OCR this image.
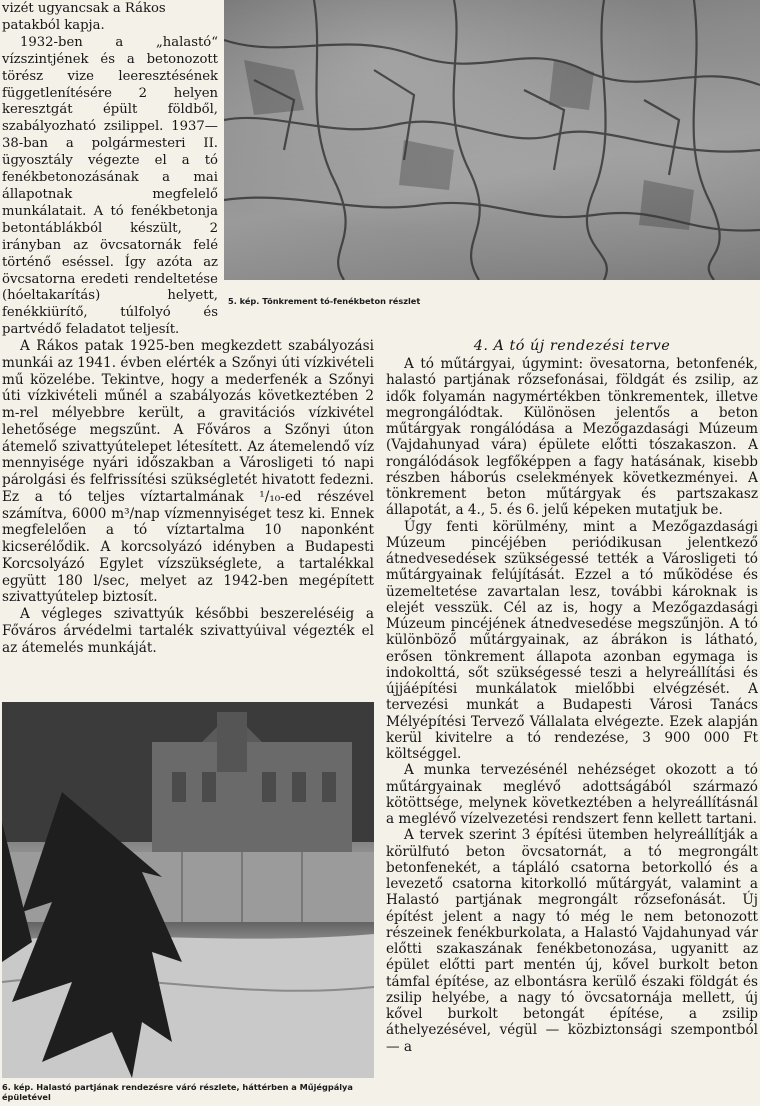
vizét ugyancsak a Rákos patakból kapja.

1932-ben a „halastó“ vízszintjének és a betonozott törész vize leeresztésének függetlenítésére 2 helyen keresztgát épült földből, szabályozható zsilippel. 1937—38-ban a polgármesteri II. ügyosztály végezte el a tó fenékbetonozásának a mai állapotnak megfelelő munkálatait. A tó fenékbetonja betontáblákból készült, 2 irányban az övcsatornák felé történő eséssel. Így azóta az övcsatorna eredeti rendeltetése (hóeltakarítás) helyett, fenékkiürítő, túlfolyó és partvédő feladatot teljesít.

5. kép. Tönkrement tó-fenékbeton részlet

A Rákos patak 1925-ben megkezdett szabályozási munkái az 1941. évben elérték a Szőnyi úti vízkivételi mű közelébe. Tekintve, hogy a mederfenék a Szőnyi úti vízkivételi műnél a szabályozás következtében 2 m-rel mélyebbre került, a gravitációs vízkivétel lehetősége megszűnt. A Főváros a Szőnyi úton átemelő szivattyútelepet létesített. Az átemelendő víz mennyisége nyári időszakban a Városligeti tó napi párolgási és felfrissítési szükségletét hivatott fedezni. Ez a tó teljes víztartalmának ¹/₁₀-ed részével számítva, 6000 m³/nap vízmennyiséget tesz ki. Ennek megfelelően a tó víztartalma 10 naponként kicserélődik. A korcsolyázó idényben a Budapesti Korcsolyázó Egylet vízszükséglete, a tartalékkal együtt 180 l/sec, melyet az 1942-ben megépített szivattyútelep biztosít.

A végleges szivattyúk későbbi beszereléséig a Főváros árvédelmi tartalék szivattyúival végezték el az átemelés munkáját.

6. kép. Halastó partjának rendezésre váró részlete, háttérben a Műjégpálya épületével
4. A tó új rendezési terve

A tó műtárgyai, úgymint: övesatorna, betonfenék, halastó partjának rőzsefonásai, földgát és zsilip, az idők folyamán nagymértékben tönkrementek, illetve megrongálódtak. Különösen jelentős a beton műtárgyak rongálódása a Mezőgazdasági Múzeum (Vajdahunyad vára) épülete előtti tószakaszon. A rongálódások legfőképpen a fagy hatásának, kisebb részben háborús cselekmények következményei. A tönkrement beton műtárgyak és partszakasz állapotát, a 4., 5. és 6. jelű képeken mutatjuk be.

Úgy fenti körülmény, mint a Mezőgazdasági Múzeum pincéjében periódikusan jelentkező átnedvesedések szükségessé tették a Városligeti tó műtárgyainak felújítását. Ezzel a tó működése és üzemeltetése zavartalan lesz, további károknak is elejét vesszük. Cél az is, hogy a Mezőgazdasági Múzeum pincéjének átnedvesedése megszűnjön. A tó különböző műtárgyainak, az ábrákon is látható, erősen tönkrement állapota azonban egymaga is indokolttá, sőt szükségessé teszi a helyreállítási és újjáépítési munkálatok mielőbbi elvégzését. A tervezési munkát a Budapesti Városi Tanács Mélyépítési Tervező Vállalata elvégezte. Ezek alapján kerül kivitelre a tó rendezése, 3 900 000 Ft költséggel.

A munka tervezésénél nehézséget okozott a tó műtárgyainak meglévő adottságából származó kötöttsége, melynek következtében a helyreállításnál a meglévő vízelvezetési rendszert fenn kellett tartani.

A tervek szerint 3 építési ütemben helyreállítják a körülfutó beton övcsatornát, a tó megrongált betonfenekét, a tápláló csatorna betorkolló és a levezető csatorna kitorkolló műtárgyát, valamint a Halastó partjának megrongált rőzsefonását. Új építést jelent a nagy tó még le nem betonozott részeinek fenékburkolata, a Halastó Vajdahunyad vár előtti szakaszának fenékbetonozása, ugyanitt az épület előtti part mentén új, kővel burkolt beton támfal építése, az elbontásra kerülő északi földgát és zsilip helyébe, a nagy tó övcsatornája mellett, új kővel burkolt betongát építése, a zsilip áthelyezésével, végül — közbiztonsági szempontból — a
